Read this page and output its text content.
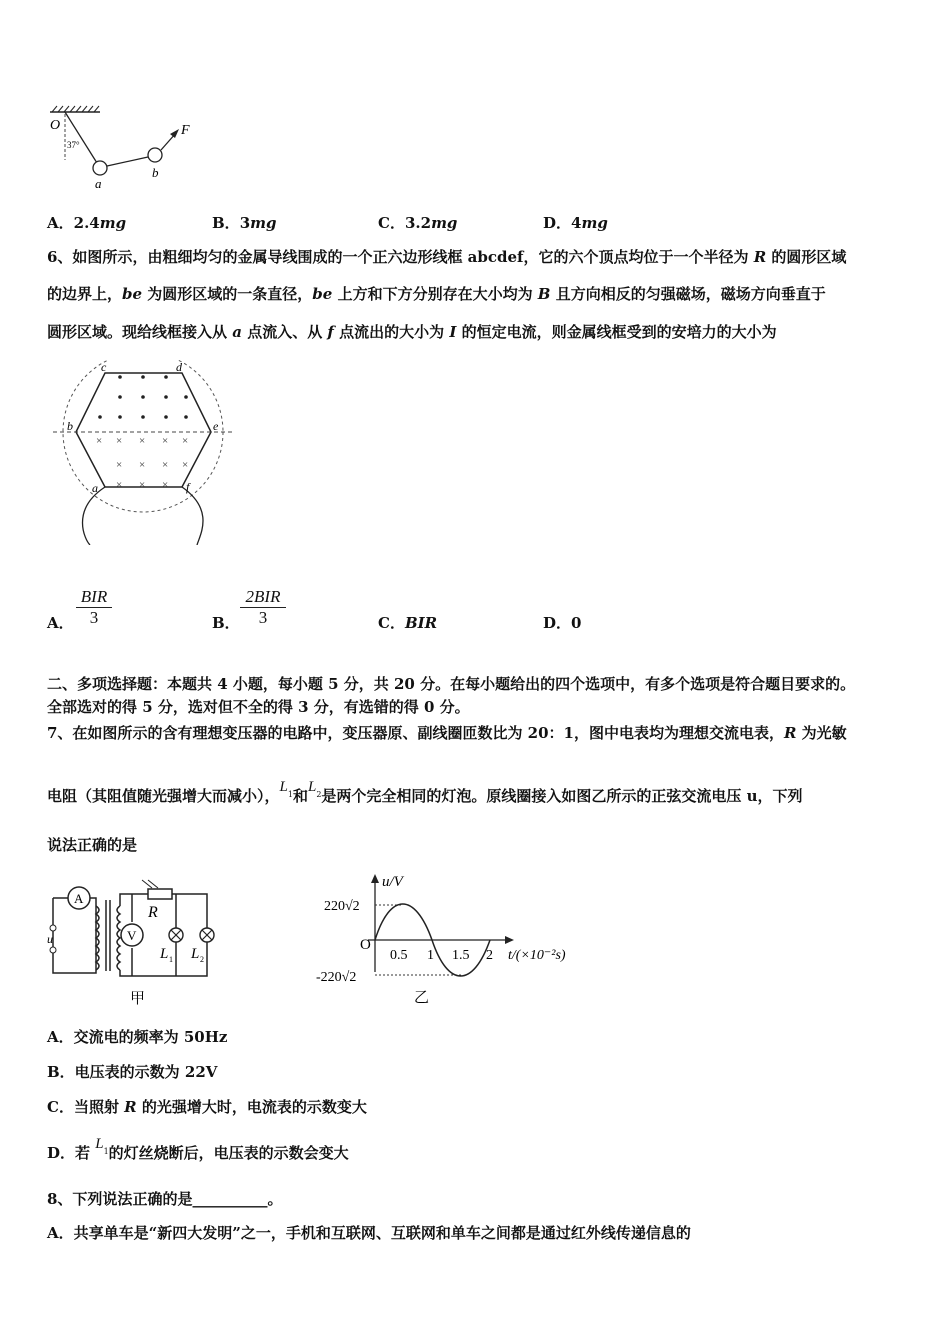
O
37°
a
b
F
A．2.4mg	B．3mg	C．3.2mg	D．4mg
6、如图所示，由粗细均匀的金属导线围成的一个正六边形线框 abcdef，它的六个顶点均位于一个半径为 R 的圆形区域
的边界上，be 为圆形区域的一条直径，be 上方和下方分别存在大小均为 B 且方向相反的匀强磁场，磁场方向垂直于
圆形区域。现给线框接入从 a 点流入、从 f 点流出的大小为 I 的恒定电流，则金属线框受到的安培力的大小为
× × × × ×
× × × ×
× × ×
c	d
b	e
a	f
A．
BIR
3	B．
2BIR
3	C．BIR	D．0
二、多项选择题：本题共 4 小题，每小题 5 分，共 20 分。在每小题给出的四个选项中，有多个选项是符合题目要求的。
全部选对的得 5 分，选对但不全的得 3 分，有选错的得 0 分。
7、在如图所示的含有理想变压器的电路中，变压器原、副线圈匝数比为 20：1，图中电表均为理想交流电表，R 为光敏
电阻（其阻值随光强增大而减小），$L_1$和$L_2$是两个完全相同的灯泡。原线圈接入如图乙所示的正弦交流电压 u，下列
说法正确的是
A
u	V
R
L 1 L 2
甲
u/V
220√2
O
0.5 1 1.5 2 t/(×10⁻²s)
-220√2
乙
A．交流电的频率为 50Hz
B．电压表的示数为 22V
C．当照射 R 的光强增大时，电流表的示数变大
D．若 $L_1$的灯丝烧断后，电压表的示数会变大
8、下列说法正确的是__________。
A．共享单车是“新四大发明”之一，手机和互联网、互联网和单车之间都是通过红外线传递信息的
